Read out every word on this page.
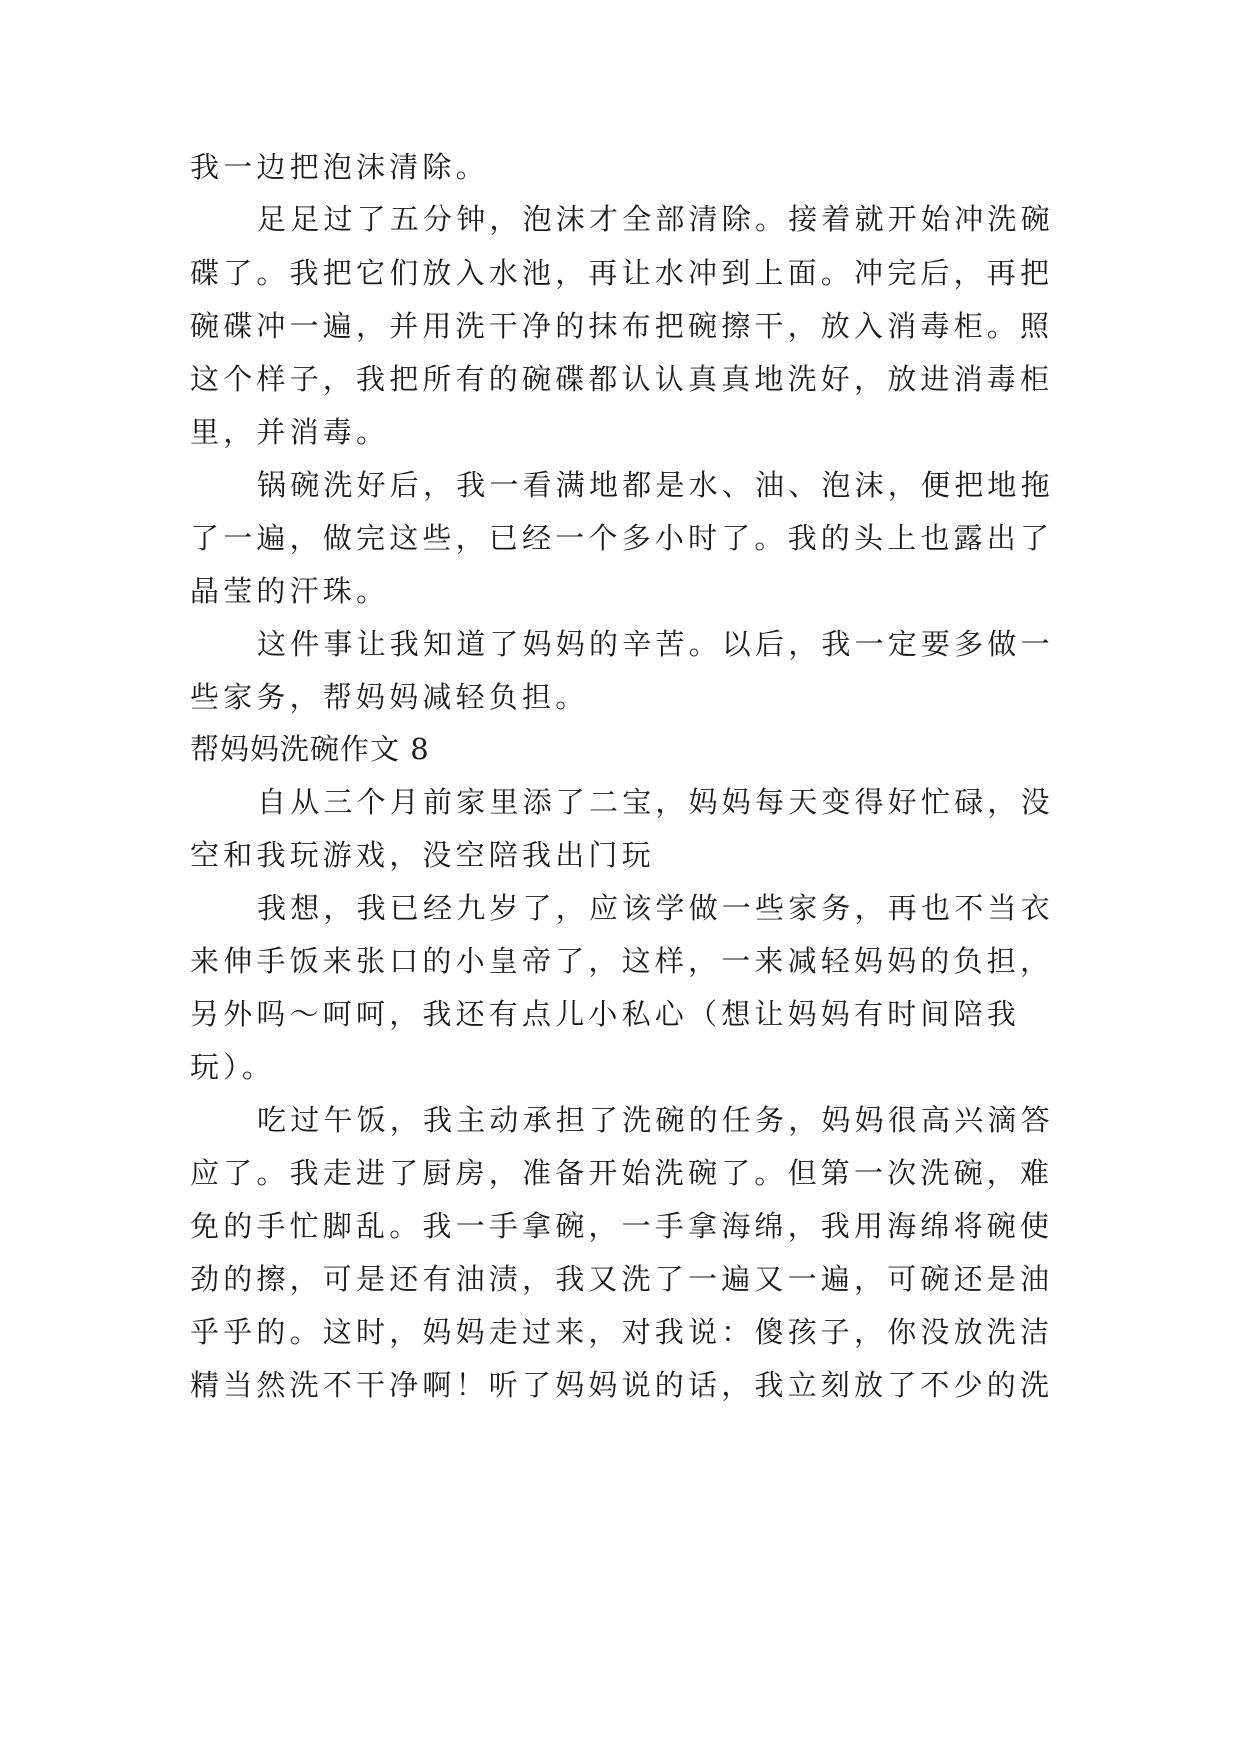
我一边把泡沫清除。
足足过了五分钟，泡沫才全部清除。接着就开始冲洗碗
碟了。我把它们放入水池，再让水冲到上面。冲完后，再把
碗碟冲一遍，并用洗干净的抹布把碗擦干，放入消毒柜。照
这个样子，我把所有的碗碟都认认真真地洗好，放进消毒柜
里，并消毒。
锅碗洗好后，我一看满地都是水、油、泡沫，便把地拖
了一遍，做完这些，已经一个多小时了。我的头上也露出了
晶莹的汗珠。
这件事让我知道了妈妈的辛苦。以后，我一定要多做一
些家务，帮妈妈减轻负担。
帮妈妈洗碗作文 8
自从三个月前家里添了二宝，妈妈每天变得好忙碌，没
空和我玩游戏，没空陪我出门玩
我想，我已经九岁了，应该学做一些家务，再也不当衣
来伸手饭来张口的小皇帝了，这样，一来减轻妈妈的负担，
另外吗～呵呵，我还有点儿小私心（想让妈妈有时间陪我
玩）。
吃过午饭，我主动承担了洗碗的任务，妈妈很高兴滴答
应了。我走进了厨房，准备开始洗碗了。但第一次洗碗，难
免的手忙脚乱。我一手拿碗，一手拿海绵，我用海绵将碗使
劲的擦，可是还有油渍，我又洗了一遍又一遍，可碗还是油
乎乎的。这时，妈妈走过来，对我说：傻孩子，你没放洗洁
精当然洗不干净啊！听了妈妈说的话，我立刻放了不少的洗
